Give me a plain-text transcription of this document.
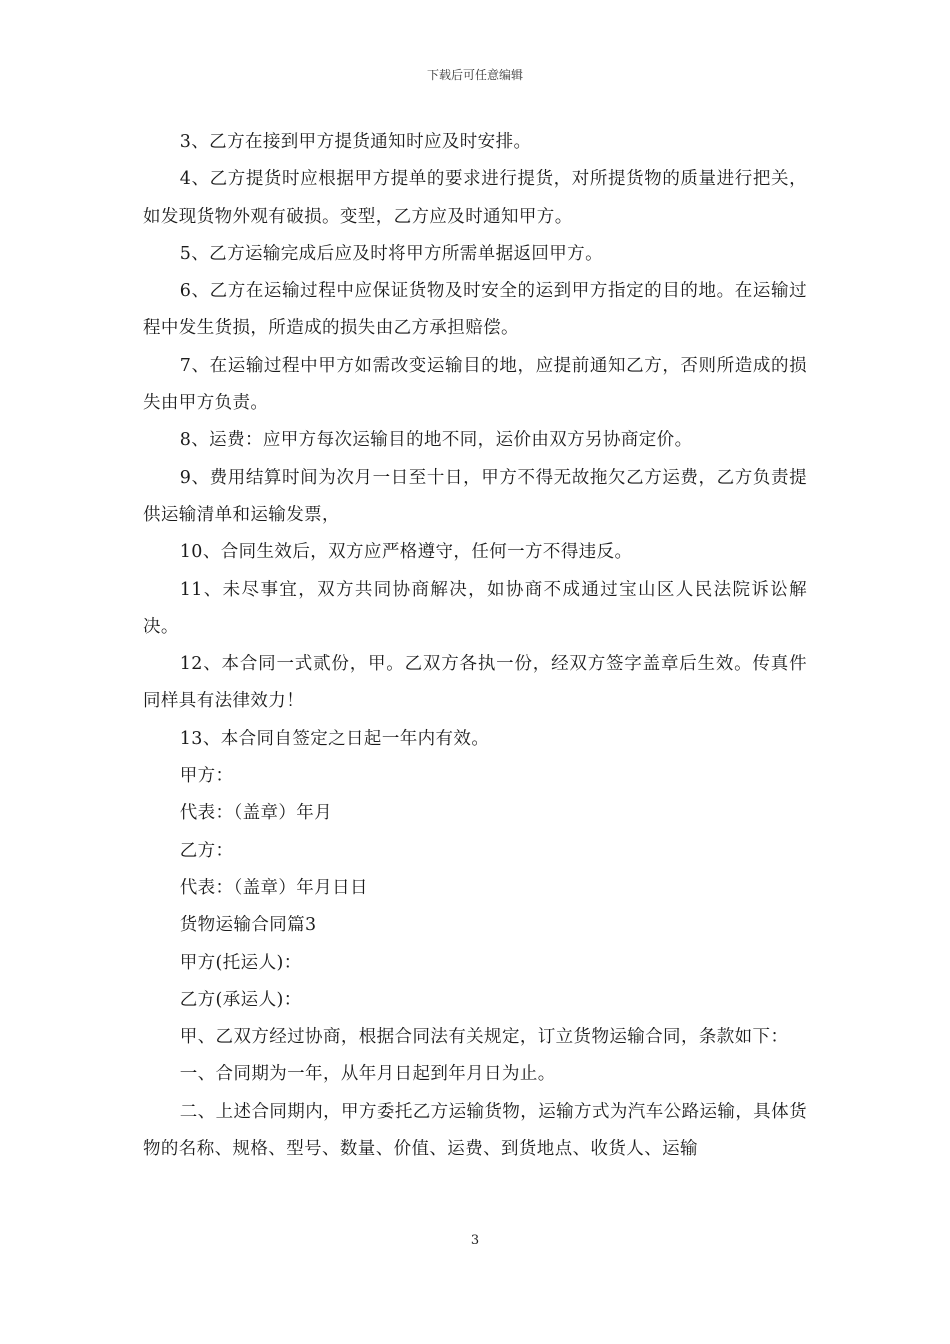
下载后可任意编辑

3、乙方在接到甲方提货通知时应及时安排。

4、乙方提货时应根据甲方提单的要求进行提货，对所提货物的质量进行把关，如发现货物外观有破损。变型，乙方应及时通知甲方。

5、乙方运输完成后应及时将甲方所需单据返回甲方。

6、乙方在运输过程中应保证货物及时安全的运到甲方指定的目的地。在运输过程中发生货损，所造成的损失由乙方承担赔偿。

7、在运输过程中甲方如需改变运输目的地，应提前通知乙方，否则所造成的损失由甲方负责。

8、运费：应甲方每次运输目的地不同，运价由双方另协商定价。

9、费用结算时间为次月一日至十日，甲方不得无故拖欠乙方运费，乙方负责提供运输清单和运输发票，

10、合同生效后，双方应严格遵守，任何一方不得违反。

11、未尽事宜，双方共同协商解决，如协商不成通过宝山区人民法院诉讼解决。

12、本合同一式贰份，甲。乙双方各执一份，经双方签字盖章后生效。传真件同样具有法律效力！

13、本合同自签定之日起一年内有效。

甲方：

代表：（盖章）年月

乙方：

代表：（盖章）年月日日

货物运输合同篇3

甲方(托运人)：

乙方(承运人)：

甲、乙双方经过协商，根据合同法有关规定，订立货物运输合同，条款如下：

一、合同期为一年，从年月日起到年月日为止。

二、上述合同期内，甲方委托乙方运输货物，运输方式为汽车公路运输，具体货物的名称、规格、型号、数量、价值、运费、到货地点、收货人、运输

3
